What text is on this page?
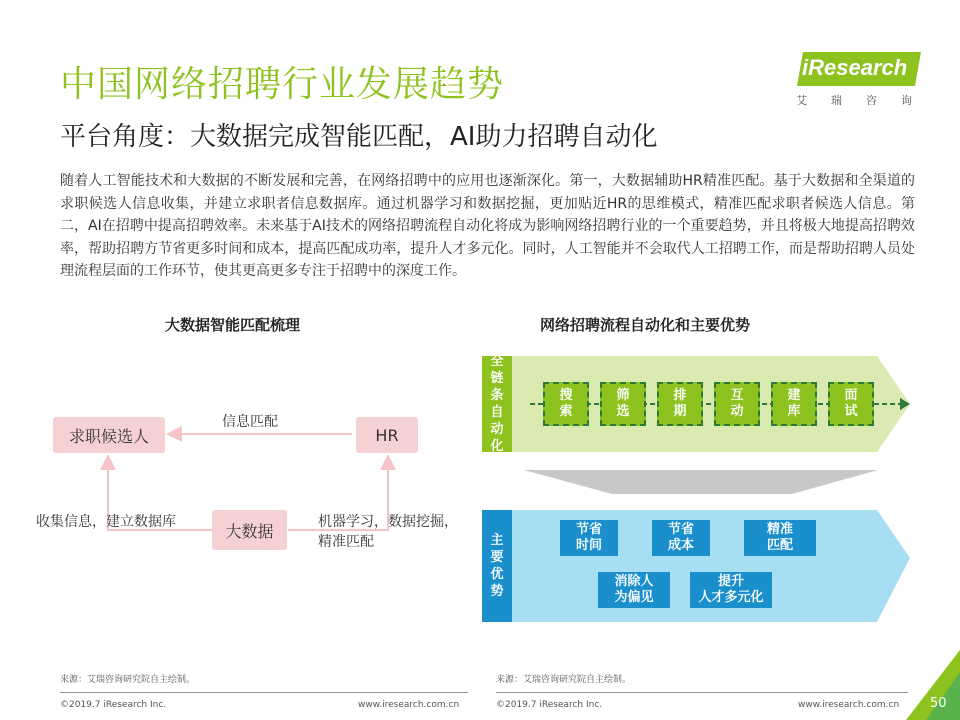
中国网络招聘行业发展趋势
平台角度：大数据完成智能匹配，AI助力招聘自动化
iResearch
艾瑞咨询
随着人工智能技术和大数据的不断发展和完善，在网络招聘中的应用也逐渐深化。第一，大数据辅助HR精准匹配。基于大数据和全渠道的求职候选人信息收集，并建立求职者信息数据库。通过机器学习和数据挖掘，更加贴近HR的思维模式，精准匹配求职者候选人信息。第二，AI在招聘中提高招聘效率。未来基于AI技术的网络招聘流程自动化将成为影响网络招聘行业的一个重要趋势，并且将极大地提高招聘效率，帮助招聘方节省更多时间和成本，提高匹配成功率，提升人才多元化。同时，人工智能并不会取代人工招聘工作，而是帮助招聘人员处理流程层面的工作环节，使其更高更多专注于招聘中的深度工作。
大数据智能匹配梳理
求职候选人	HR
大数据
信息匹配
收集信息，建立数据库	机器学习，数据挖掘，精准匹配
网络招聘流程自动化和主要优势
全
链
条
自
动
化
主
要
优
势
搜
索
筛
选
排
期
互
动
建
库
面
试
节省
时间
节省
成本
精准
匹配
消除人
为偏见
提升
人才多元化
来源：艾瑞咨询研究院自主绘制。	来源：艾瑞咨询研究院自主绘制。
©2019.7 iResearch Inc.	www.iresearch.com.cn	©2019.7 iResearch Inc.	www.iresearch.com.cn 50
